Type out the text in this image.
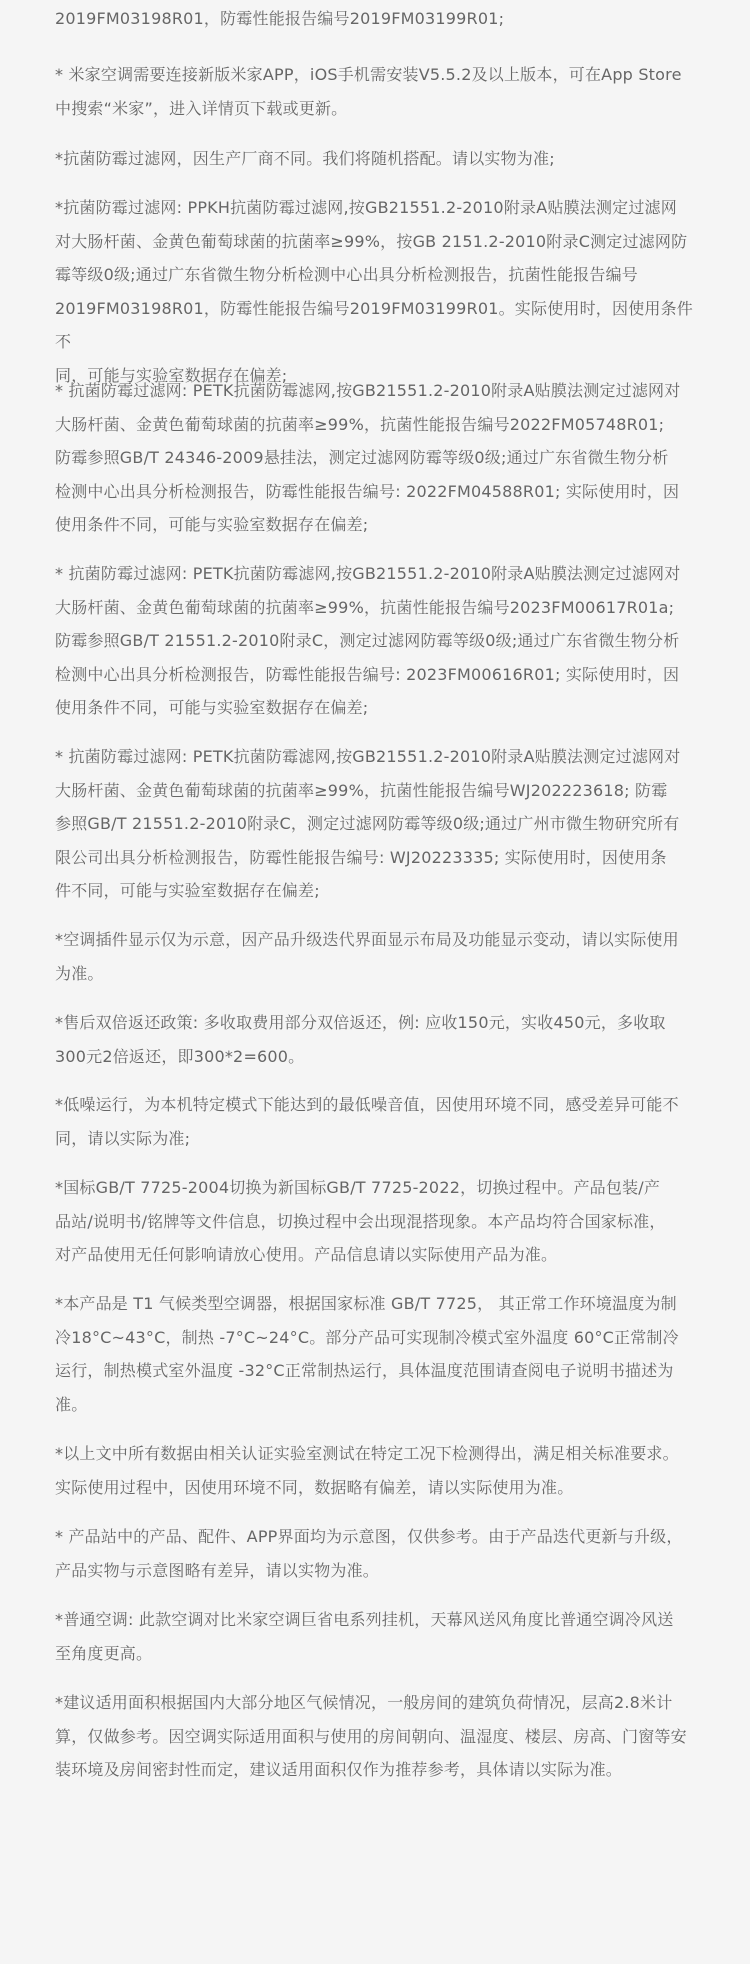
2019FM03198R01，防霉性能报告编号2019FM03199R01;

* 米家空调需要连接新版米家APP，iOS手机需安装V5.5.2及以上版本，可在App Store
中搜索“米家”，进入详情页下载或更新。

*抗菌防霉过滤网，因生产厂商不同。我们将随机搭配。请以实物为准;

*抗菌防霉过滤网: PPKH抗菌防霉过滤网,按GB21551.2-2010附录A贴膜法测定过滤网
对大肠杆菌、金黄色葡萄球菌的抗菌率≥99%，按GB 2151.2-2010附录C测定过滤网防
霉等级0级;通过广东省微生物分析检测中心出具分析检测报告，抗菌性能报告编号
2019FM03198R01，防霉性能报告编号2019FM03199R01。实际使用时，因使用条件不
同，可能与实验室数据存在偏差;

* 抗菌防霉过滤网: PETK抗菌防霉滤网,按GB21551.2-2010附录A贴膜法测定过滤网对
大肠杆菌、金黄色葡萄球菌的抗菌率≥99%，抗菌性能报告编号2022FM05748R01;
防霉参照GB/T 24346-2009悬挂法，测定过滤网防霉等级0级;通过广东省微生物分析
检测中心出具分析检测报告，防霉性能报告编号: 2022FM04588R01; 实际使用时，因
使用条件不同，可能与实验室数据存在偏差;

* 抗菌防霉过滤网: PETK抗菌防霉滤网,按GB21551.2-2010附录A贴膜法测定过滤网对
大肠杆菌、金黄色葡萄球菌的抗菌率≥99%，抗菌性能报告编号2023FM00617R01a;
防霉参照GB/T 21551.2-2010附录C，测定过滤网防霉等级0级;通过广东省微生物分析
检测中心出具分析检测报告，防霉性能报告编号: 2023FM00616R01; 实际使用时，因
使用条件不同，可能与实验室数据存在偏差;

* 抗菌防霉过滤网: PETK抗菌防霉滤网,按GB21551.2-2010附录A贴膜法测定过滤网对
大肠杆菌、金黄色葡萄球菌的抗菌率≥99%，抗菌性能报告编号WJ20222361​8; 防霉
参照GB/T 21551.2-2010附录C，测定过滤网防霉等级0级;通过广州市微生物研究所有
限公司出具分析检测报告，防霉性能报告编号: WJ20223335; 实际使用时，因使用条
件不同，可能与实验室数据存在偏差;

*空调插件显示仅为示意，因产品升级迭代界面显示布局及功能显示变动，请以实际使用
为准。

*售后双倍返还政策: 多收取费用部分双倍返还，例: 应收150元，实收450元，多收取
300元2倍返还，即300*2=600。

*低噪运行，为本机特定模式下能达到的最低噪音值，因使用环境不同，感受差异可能不
同，请以实际为准;

*国标GB/T 7725-2004切换为新国标GB/T 7725-2022，切换过程中。产品包装/产
品站/说明书/铭牌等文件信息，切换过程中会出现混搭现象。本产品均符合国家标准，
对产品使用无任何影响请放心使用。产品信息请以实际使用产品为准。

*本产品是 T1 气候类型空调器，根据国家标准 GB/T 7725， 其正常工作环境温度为制
冷18°C~43°C，制热 -7°C~24°C。部分产品可实现制冷模式室外温度 60°C正常制冷
运行，制热模式室外温度 -32°C正常制热运行，具体温度范围请查阅电子说明书描述为
准。

*以上文中所有数据由相关认证实验室测试在特定工况下检测得出，满足相关标准要求。
实际使用过程中，因使用环境不同，数据略有偏差，请以实际使用为准。

* 产品站中的产品、配件、APP界面均为示意图，仅供参考。由于产品迭代更新与升级，
产品实物与示意图略有差异，请以实物为准。

*普通空调: 此款空调对比米家空调巨省电系列挂机，天幕风送风角度比普通空调冷风送
至角度更高。

*建议适用面积根据国内大部分地区气候情况，一般房间的建筑负荷情况，层高2.8米计
算，仅做参考。因空调实际适用面积与使用的房间朝向、温湿度、楼层、房高、门窗等安
装环境及房间密封性而定，建议适用面积仅作为推荐参考，具体请以实际为准。
